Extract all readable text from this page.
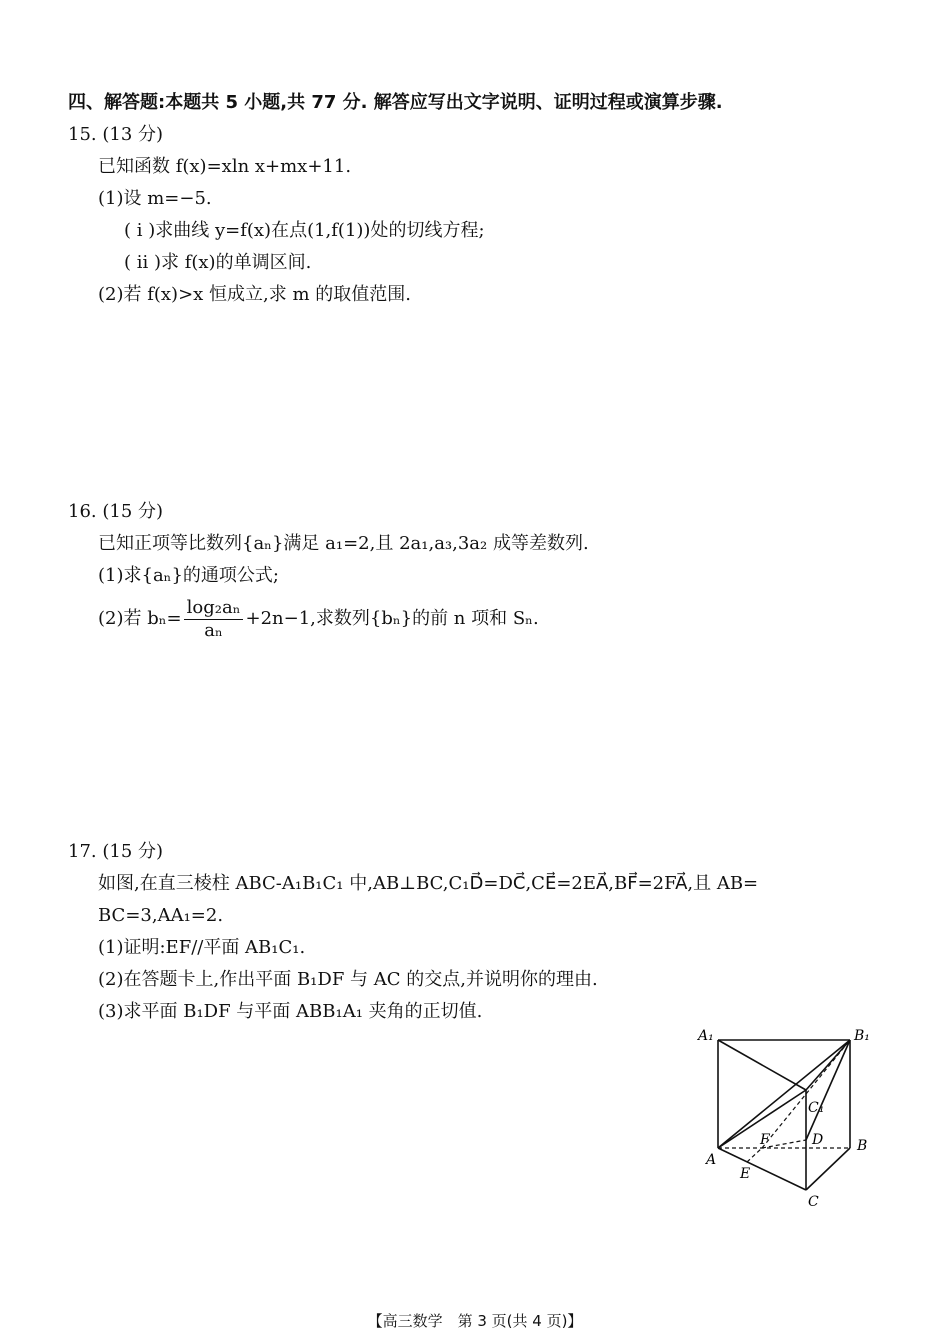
四、解答题:本题共 5 小题,共 77 分. 解答应写出文字说明、证明过程或演算步骤.
15. (13 分)
已知函数 f(x)=xln x+mx+11.
(1)设 m=−5.
( ⅰ )求曲线 y=f(x)在点(1,f(1))处的切线方程;
( ⅱ )求 f(x)的单调区间.
(2)若 f(x)>x 恒成立,求 m 的取值范围.
16. (15 分)
已知正项等比数列{aₙ}满足 a₁=2,且 2a₁,a₃,3a₂ 成等差数列.
(1)求{aₙ}的通项公式;
(2)若 $b_n= \frac{\text{log₂aₙ}}{\text{aₙ}} +2n-1$,求数列{bₙ}的前 n 项和 Sₙ.
17. (15 分)
如图,在直三棱柱 ABC-A₁B₁C₁ 中,AB⊥BC,C₁D⃗=DC⃗,CE⃗=2EA⃗,BF⃗=2FA⃗,且 AB=
BC=3,AA₁=2.
(1)证明:EF//平面 AB₁C₁.
(2)在答题卡上,作出平面 B₁DF 与 AC 的交点,并说明你的理由.
(3)求平面 B₁DF 与平面 ABB₁A₁ 夹角的正切值.
A₁	B₁
C₁
A
B
C
D
E
F
【高三数学　第 3 页(共 4 页)】
